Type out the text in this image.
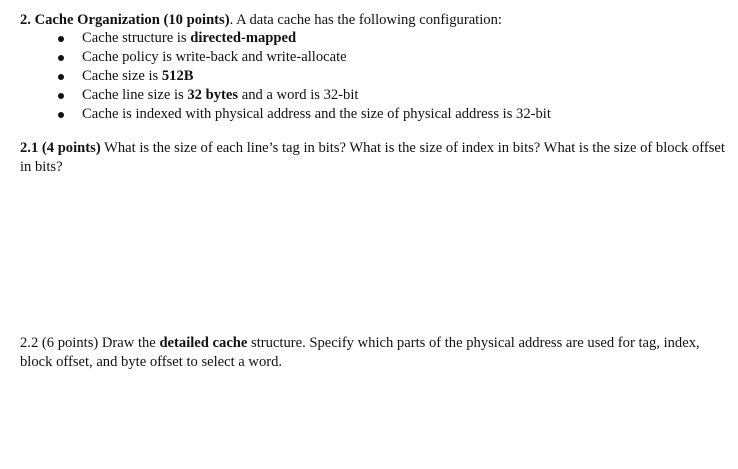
2. Cache Organization (10 points). A data cache has the following configuration:
Cache structure is directed-mapped
Cache policy is write-back and write-allocate
Cache size is 512B
Cache line size is 32 bytes and a word is 32-bit
Cache is indexed with physical address and the size of physical address is 32-bit
2.1 (4 points) What is the size of each line’s tag in bits? What is the size of index in bits? What is the size of block offset in bits?
2.2 (6 points) Draw the detailed cache structure. Specify which parts of the physical address are used for tag, index, block offset, and byte offset to select a word.
